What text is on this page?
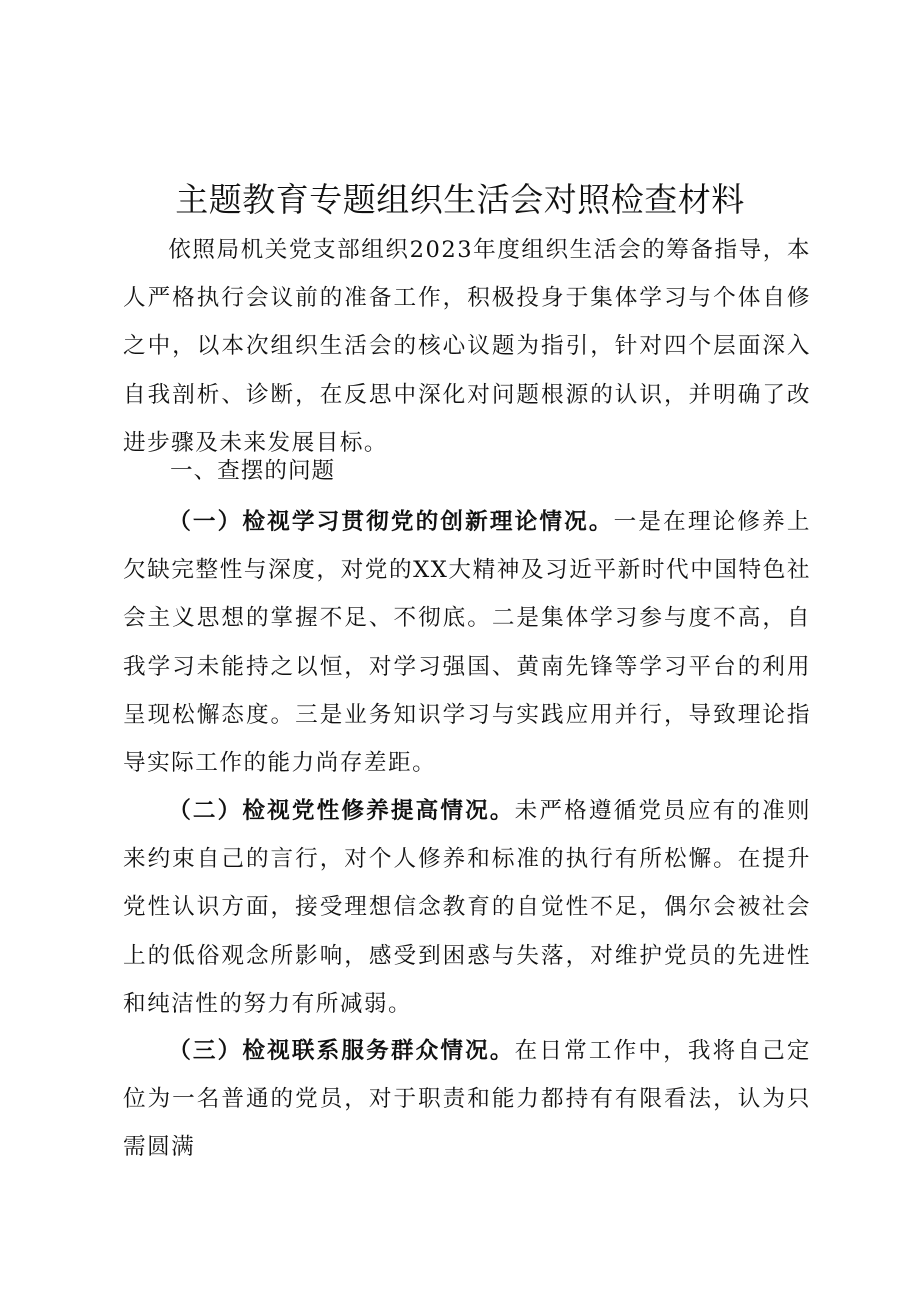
主题教育专题组织生活会对照检查材料

依照局机关党支部组织2023年度组织生活会的筹备指导，本人严格执行会议前的准备工作，积极投身于集体学习与个体自修之中，以本次组织生活会的核心议题为指引，针对四个层面深入自我剖析、诊断，在反思中深化对问题根源的认识，并明确了改进步骤及未来发展目标。

一、查摆的问题

（一）检视学习贯彻党的创新理论情况。一是在理论修养上欠缺完整性与深度，对党的XX大精神及习近平新时代中国特色社会主义思想的掌握不足、不彻底。二是集体学习参与度不高，自我学习未能持之以恒，对学习强国、黄南先锋等学习平台的利用呈现松懈态度。三是业务知识学习与实践应用并行，导致理论指导实际工作的能力尚存差距。

（二）检视党性修养提高情况。未严格遵循党员应有的准则来约束自己的言行，对个人修养和标准的执行有所松懈。在提升党性认识方面，接受理想信念教育的自觉性不足，偶尔会被社会上的低俗观念所影响，感受到困惑与失落，对维护党员的先进性和纯洁性的努力有所减弱。

（三）检视联系服务群众情况。在日常工作中，我将自己定位为一名普通的党员，对于职责和能力都持有有限看法，认为只需圆满
